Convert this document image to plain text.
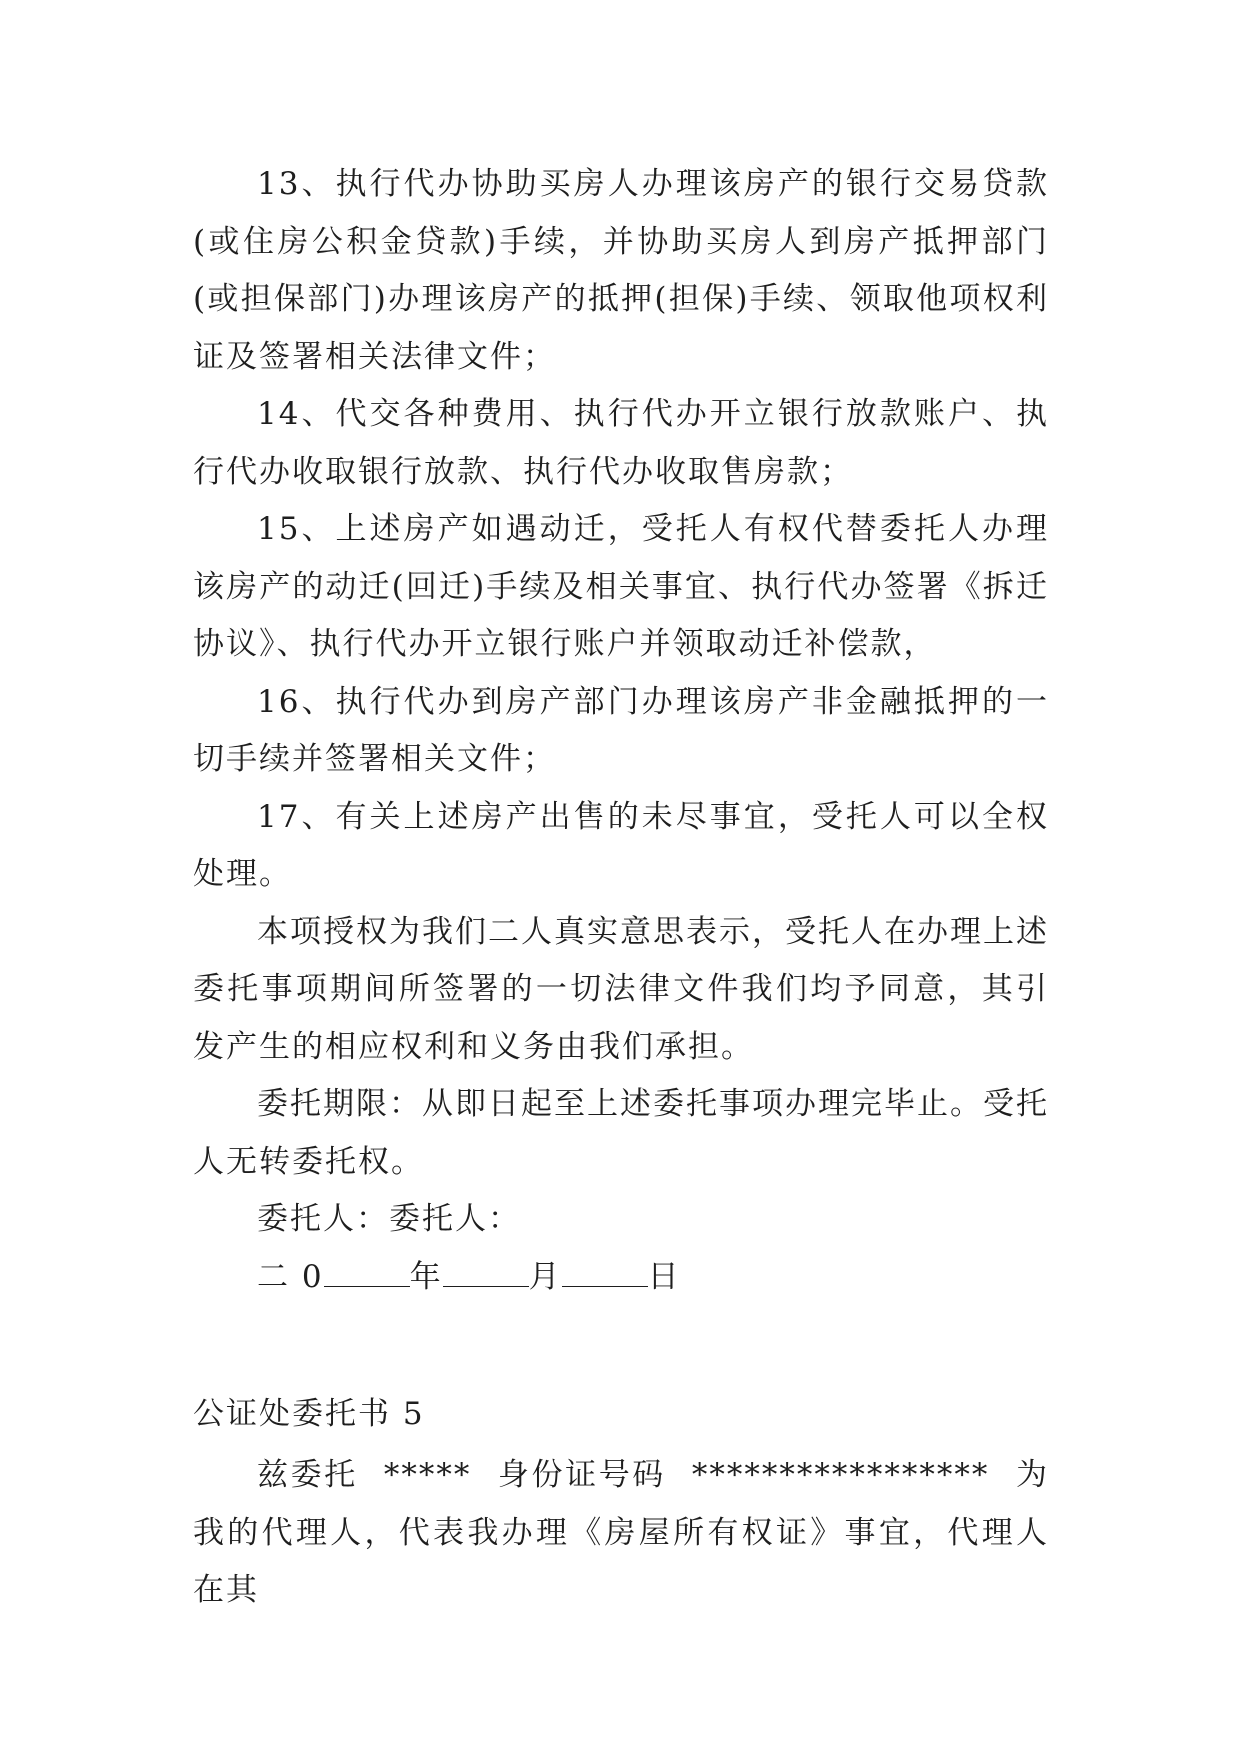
13、执行代办协助买房人办理该房产的银行交易贷款(或住房公积金贷款)手续，并协助买房人到房产抵押部门(或担保部门)办理该房产的抵押(担保)手续、领取他项权利证及签署相关法律文件；

14、代交各种费用、执行代办开立银行放款账户、执行代办收取银行放款、执行代办收取售房款；

15、上述房产如遇动迁，受托人有权代替委托人办理该房产的动迁(回迁)手续及相关事宜、执行代办签署《拆迁协议》、执行代办开立银行账户并领取动迁补偿款，

16、执行代办到房产部门办理该房产非金融抵押的一切手续并签署相关文件；

17、有关上述房产出售的未尽事宜，受托人可以全权处理。

本项授权为我们二人真实意思表示，受托人在办理上述委托事项期间所签署的一切法律文件我们均予同意，其引发产生的相应权利和义务由我们承担。

委托期限：从即日起至上述委托事项办理完毕止。受托人无转委托权。

委托人：委托人：

二 0	年	月	日

公证处委托书 5

兹委托 ***** 身份证号码 ***************** 为我的代理人，代表我办理《房屋所有权证》事宜，代理人在其
